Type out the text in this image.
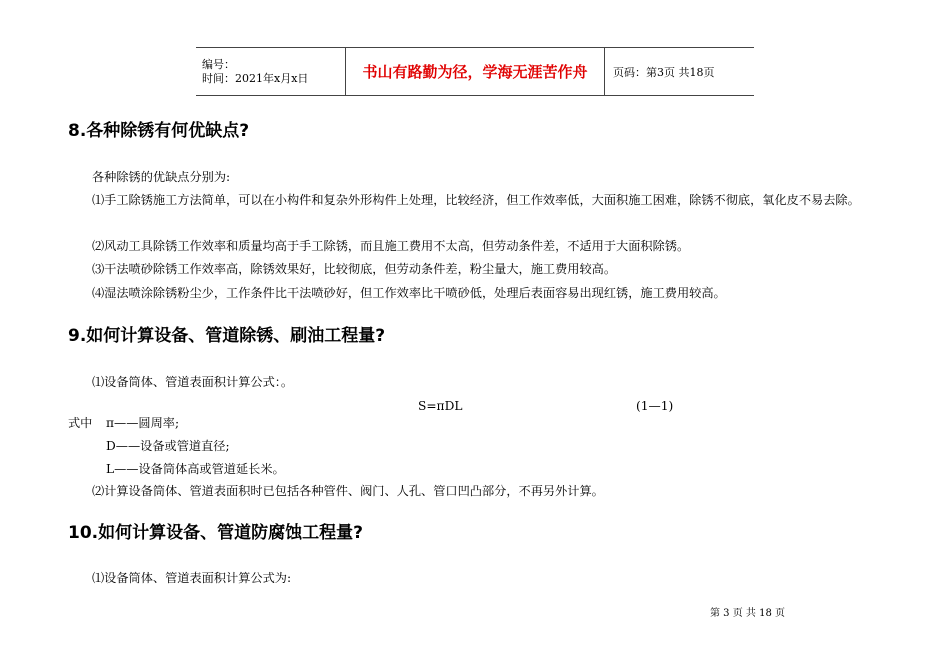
编号：
时间：2021年x月x日	书山有路勤为径，学海无涯苦作舟	页码：第3页 共18页
8.各种除锈有何优缺点?

各种除锈的优缺点分别为:

⑴手工除锈施工方法简单，可以在小构件和复杂外形构件上处理，比较经济，但工作效率低，大面积施工困难，除锈不彻底，氧化皮不易去除。

⑵风动工具除锈工作效率和质量均高于手工除锈，而且施工费用不太高，但劳动条件差，不适用于大面积除锈。

⑶干法喷砂除锈工作效率高，除锈效果好，比较彻底，但劳动条件差，粉尘量大，施工费用较高。

⑷湿法喷涂除锈粉尘少，工作条件比干法喷砂好，但工作效率比干喷砂低，处理后表面容易出现红锈，施工费用较高。

9.如何计算设备、管道除锈、刷油工程量?

⑴设备筒体、管道表面积计算公式：。

S=πDL	(1—1)
式中 π——圆周率;
D——设备或管道直径;
L——设备筒体高或管道延长米。

⑵计算设备筒体、管道表面积时已包括各种管件、阀门、人孔、管口凹凸部分，不再另外计算。

10.如何计算设备、管道防腐蚀工程量?

⑴设备筒体、管道表面积计算公式为:

第 3 页 共 18 页
